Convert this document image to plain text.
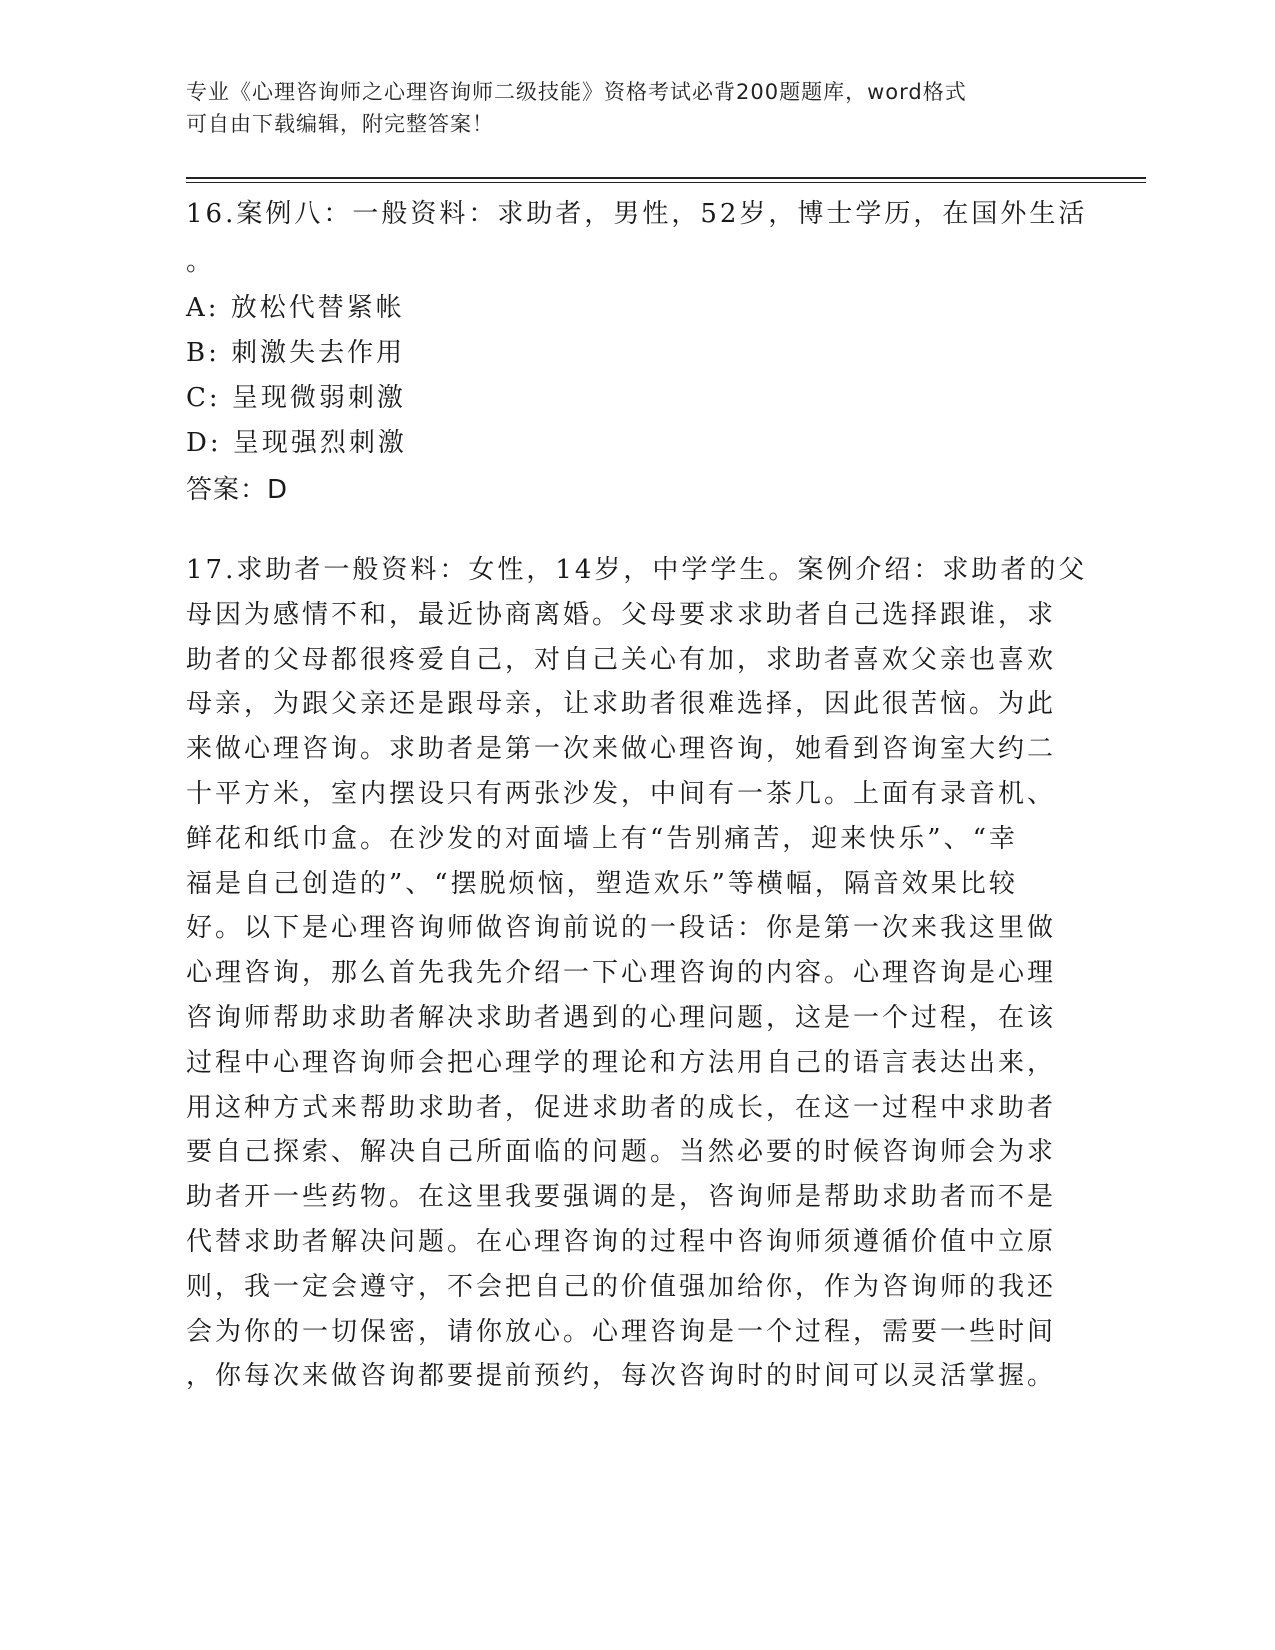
专业《心理咨询师之心理咨询师二级技能》资格考试必背200题题库，word格式
可自由下载编辑，附完整答案！
16.案例八：一般资料：求助者，男性，52岁，博士学历，在国外生活
。
A: 放松代替紧帐
B: 刺激失去作用
C: 呈现微弱刺激
D: 呈现强烈刺激
答案：D
17.求助者一般资料：女性，14岁，中学学生。案例介绍：求助者的父
母因为感情不和，最近协商离婚。父母要求求助者自己选择跟谁，求
助者的父母都很疼爱自己，对自己关心有加，求助者喜欢父亲也喜欢
母亲，为跟父亲还是跟母亲，让求助者很难选择，因此很苦恼。为此
来做心理咨询。求助者是第一次来做心理咨询，她看到咨询室大约二
十平方米，室内摆设只有两张沙发，中间有一茶几。上面有录音机、
鲜花和纸巾盒。在沙发的对面墙上有“告别痛苦，迎来快乐”、“幸
福是自己创造的”、“摆脱烦恼，塑造欢乐”等横幅，隔音效果比较
好。以下是心理咨询师做咨询前说的一段话：你是第一次来我这里做
心理咨询，那么首先我先介绍一下心理咨询的内容。心理咨询是心理
咨询师帮助求助者解决求助者遇到的心理问题，这是一个过程，在该
过程中心理咨询师会把心理学的理论和方法用自己的语言表达出来，
用这种方式来帮助求助者，促进求助者的成长，在这一过程中求助者
要自己探索、解决自己所面临的问题。当然必要的时候咨询师会为求
助者开一些药物。在这里我要强调的是，咨询师是帮助求助者而不是
代替求助者解决问题。在心理咨询的过程中咨询师须遵循价值中立原
则，我一定会遵守，不会把自己的价值强加给你，作为咨询师的我还
会为你的一切保密，请你放心。心理咨询是一个过程，需要一些时间
，你每次来做咨询都要提前预约，每次咨询时的时间可以灵活掌握。
